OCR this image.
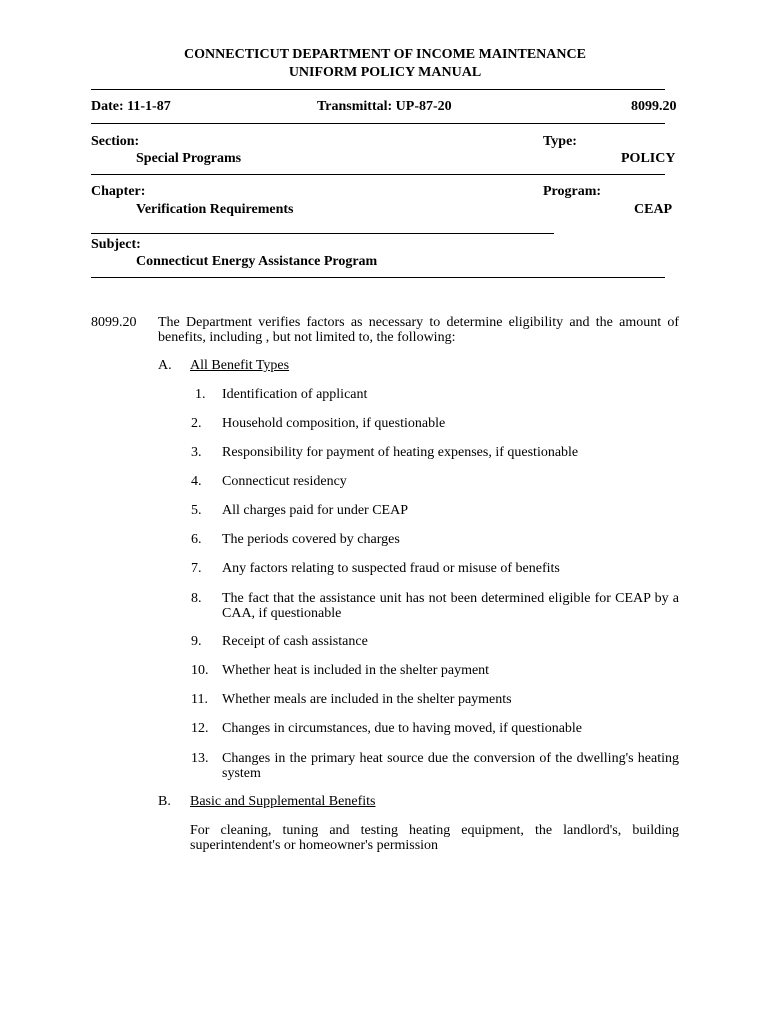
CONNECTICUT DEPARTMENT OF INCOME MAINTENANCE
UNIFORM POLICY MANUAL
Date: 11-1-87	Transmittal: UP-87-20	8099.20
Section:
Special Programs
Type:
POLICY
Chapter:
Verification Requirements
Program:
CEAP
Subject:
Connecticut Energy Assistance Program
8099.20 The Department verifies factors as necessary to determine eligibility and the amount of benefits, including , but not limited to, the following:
A. All Benefit Types
1. Identification of applicant
2. Household composition, if questionable
3. Responsibility for payment of heating expenses, if questionable
4. Connecticut residency
5. All charges paid for under CEAP
6. The periods covered by charges
7. Any factors relating to suspected fraud or misuse of benefits
8. The fact that the assistance unit has not been determined eligible for CEAP by a CAA, if questionable
9. Receipt of cash assistance
10. Whether heat is included in the shelter payment
11. Whether meals are included in the shelter payments
12. Changes in circumstances, due to having moved, if questionable
13. Changes in the primary heat source due the conversion of the dwelling's heating system
B. Basic and Supplemental Benefits
For cleaning, tuning and testing heating equipment, the landlord's, building superintendent's or homeowner's permission
